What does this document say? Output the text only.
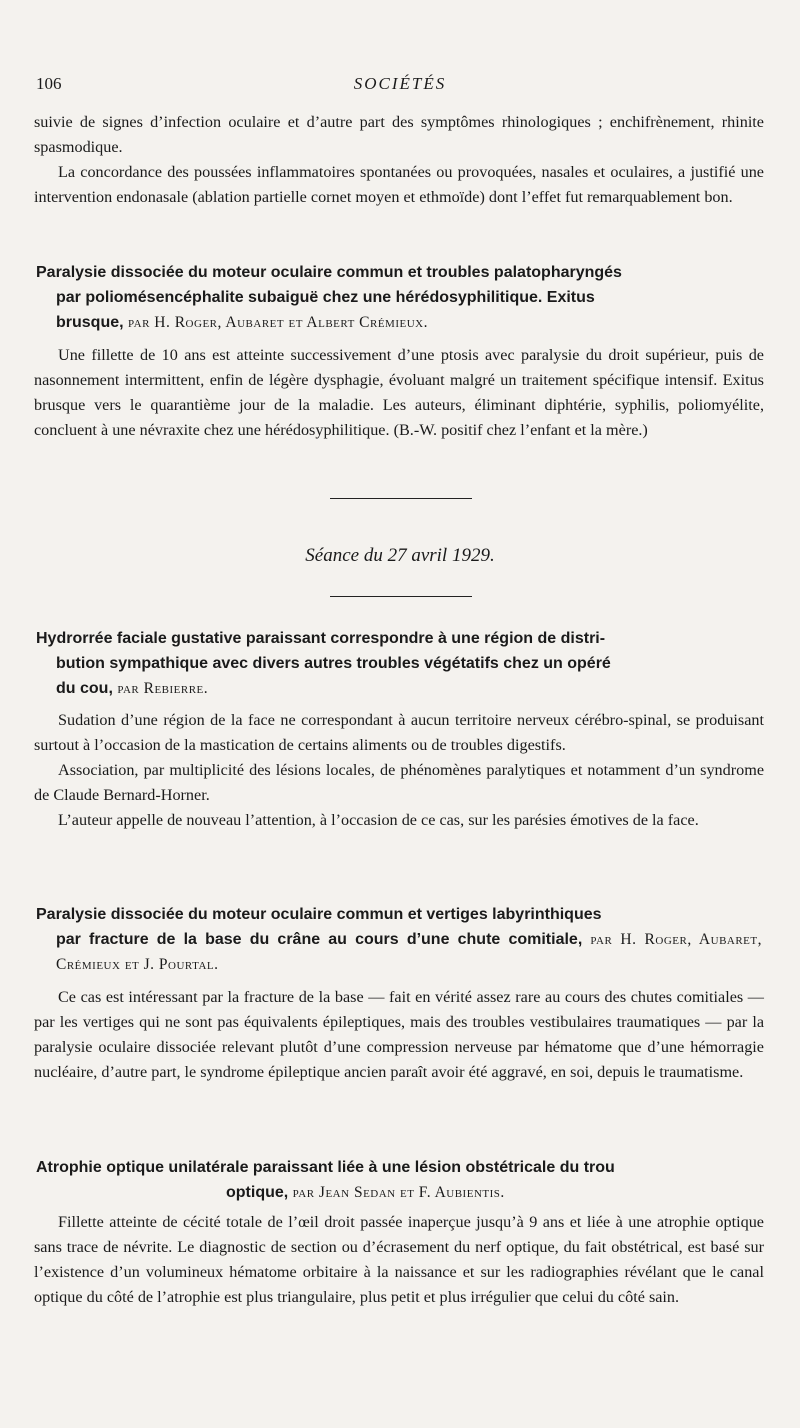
106	SOCIÉTÉS

suivie de signes d’infection oculaire et d’autre part des symptômes rhinologiques ; enchifrènement, rhinite spasmodique.

La concordance des poussées inflammatoires spontanées ou provoquées, nasales et oculaires, a justifié une intervention endonasale (ablation partielle cornet moyen et ethmoïde) dont l’effet fut remarquablement bon.

Paralysie dissociée du moteur oculaire commun et troubles palatopharyngés
par poliomésencéphalite subaiguë chez une hérédosyphilitique. Exitus
brusque, par H. Roger, Aubaret et Albert Crémieux.

Une fillette de 10 ans est atteinte successivement d’une ptosis avec paralysie du droit supérieur, puis de nasonnement intermittent, enfin de légère dysphagie, évoluant malgré un traitement spécifique intensif. Exitus brusque vers le quarantième jour de la maladie. Les auteurs, éliminant diphtérie, syphilis, poliomyélite, concluent à une névraxite chez une hérédosyphilitique. (B.-W. positif chez l’enfant et la mère.)

Séance du 27 avril 1929.
Hydrorrée faciale gustative paraissant correspondre à une région de distri-
bution sympathique avec divers autres troubles végétatifs chez un opéré
du cou, par Rebierre.

Sudation d’une région de la face ne correspondant à aucun territoire nerveux cérébro-spinal, se produisant surtout à l’occasion de la mastication de certains aliments ou de troubles digestifs.

Association, par multiplicité des lésions locales, de phénomènes paralytiques et notamment d’un syndrome de Claude Bernard-Horner.

L’auteur appelle de nouveau l’attention, à l’occasion de ce cas, sur les parésies émotives de la face.

Paralysie dissociée du moteur oculaire commun et vertiges labyrinthiques
par fracture de la base du crâne au cours d’une chute comitiale, par H. Roger, Aubaret, Crémieux et J. Pourtal.

Ce cas est intéressant par la fracture de la base — fait en vérité assez rare au cours des chutes comitiales — par les vertiges qui ne sont pas équivalents épileptiques, mais des troubles vestibulaires traumatiques — par la paralysie oculaire dissociée relevant plutôt d’une compression nerveuse par hématome que d’une hémorragie nucléaire, d’autre part, le syndrome épileptique ancien paraît avoir été aggravé, en soi, depuis le traumatisme.

Atrophie optique unilatérale paraissant liée à une lésion obstétricale du trou
optique, par Jean Sedan et F. Aubientis.

Fillette atteinte de cécité totale de l’œil droit passée inaperçue jusqu’à 9 ans et liée à une atrophie optique sans trace de névrite. Le diagnostic de section ou d’écrasement du nerf optique, du fait obstétrical, est basé sur l’existence d’un volumineux hématome orbitaire à la naissance et sur les radiographies révélant que le canal optique du côté de l’atrophie est plus triangulaire, plus petit et plus irrégulier que celui du côté sain.
